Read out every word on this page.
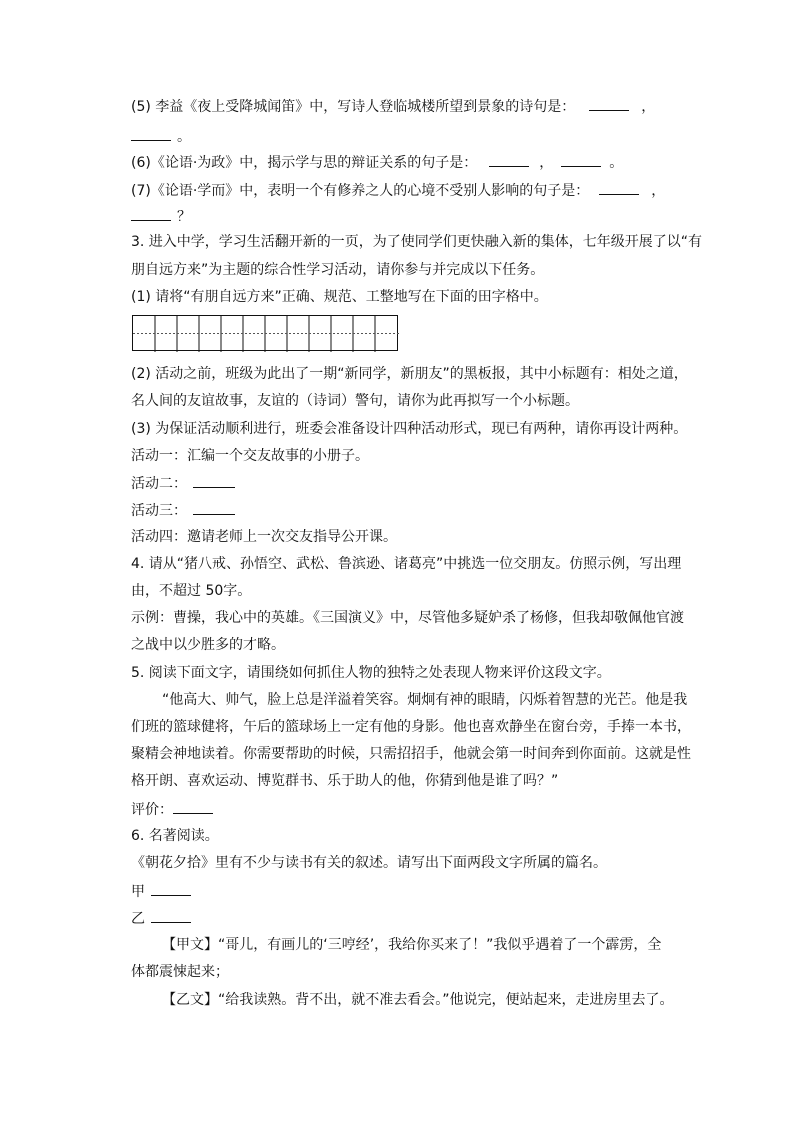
(5) 李益《夜上受降城闻笛》中，写诗人登临城楼所望到景象的诗句是：	，
。
(6)《论语·为政》中，揭示学与思的辩证关系的句子是：	，	。
(7)《论语·学而》中，表明一个有修养之人的心境不受别人影响的句子是：	，
？
3. 进入中学，学习生活翻开新的一页，为了使同学们更快融入新的集体，七年级开展了以“有
朋自远方来”为主题的综合性学习活动，请你参与并完成以下任务。
(1) 请将“有朋自远方来”正确、规范、工整地写在下面的田字格中。
(2) 活动之前，班级为此出了一期“新同学，新朋友”的黑板报，其中小标题有：相处之道，
名人间的友谊故事，友谊的（诗词）警句，请你为此再拟写一个小标题。
(3) 为保证活动顺利进行，班委会准备设计四种活动形式，现已有两种，请你再设计两种。
活动一：汇编一个交友故事的小册子。
活动二：
活动三：
活动四：邀请老师上一次交友指导公开课。
4. 请从“猪八戒、孙悟空、武松、鲁滨逊、诸葛亮”中挑选一位交朋友。仿照示例，写出理
由，不超过 50字。
示例：曹操，我心中的英雄。《三国演义》中，尽管他多疑妒杀了杨修，但我却敬佩他官渡
之战中以少胜多的才略。
5. 阅读下面文字，请围绕如何抓住人物的独特之处表现人物来评价这段文字。
“他高大、帅气，脸上总是洋溢着笑容。炯炯有神的眼睛，闪烁着智慧的光芒。他是我
们班的篮球健将，午后的篮球场上一定有他的身影。他也喜欢静坐在窗台旁，手捧一本书，
聚精会神地读着。你需要帮助的时候，只需招招手，他就会第一时间奔到你面前。这就是性
格开朗、喜欢运动、博览群书、乐于助人的他，你猜到他是谁了吗？”
评价：
6. 名著阅读。
《朝花夕拾》里有不少与读书有关的叙述。请写出下面两段文字所属的篇名。
甲
乙
【甲文】“哥儿，有画儿的‘三哼经’，我给你买来了！”我似乎遇着了一个霹雳，全
体都震悚起来；
【乙文】“给我读熟。背不出，就不准去看会。”他说完，便站起来，走进房里去了。
